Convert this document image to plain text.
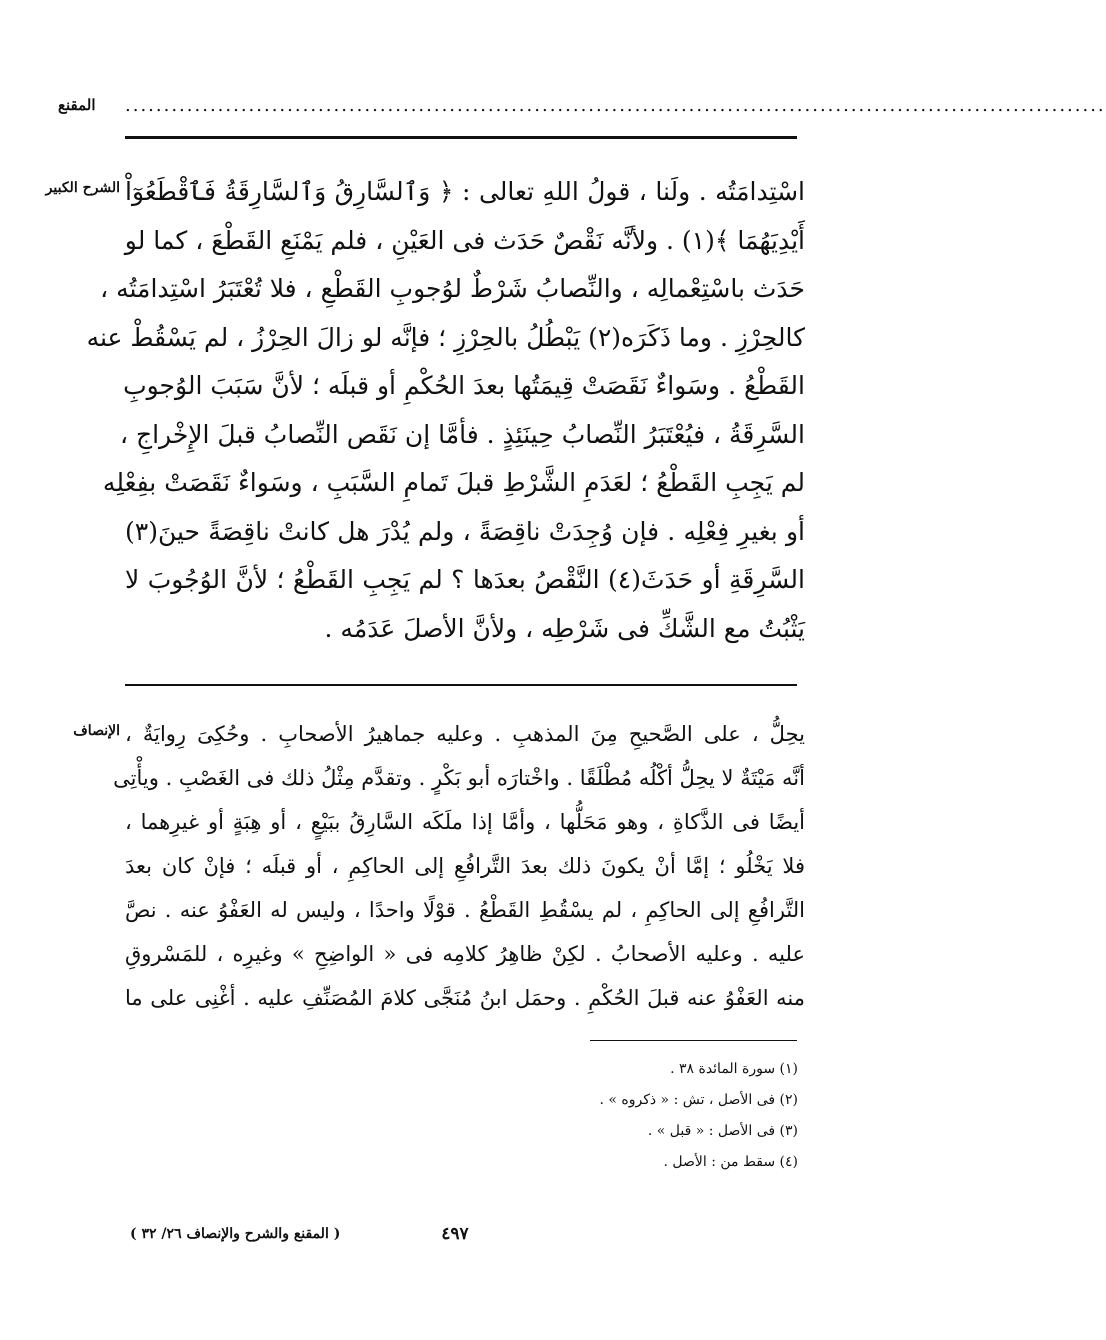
المقنع	...............................................................................................................................
الشرح الكبير اسْتِدامَتُه . ولَنا ، قولُ اللهِ تعالى : ﴿ وَٱلسَّارِقُ وَٱلسَّارِقَةُ فَٱقْطَعُوٓاْ
أَيْدِيَهُمَا ﴾(١) . ولأنَّه نَقْصٌ حَدَث فى العَيْنِ ، فلم يَمْنَعِ القَطْعَ ، كما لو
حَدَث باسْتِعْمالِه ، والنِّصابُ شَرْطٌ لوُجوبِ القَطْعِ ، فلا تُعْتَبَرُ اسْتِدامَتُه ،
كالحِرْزِ . وما ذَكَرَه(٢) يَبْطُلُ بالحِرْزِ ؛ فإنَّه لو زالَ الحِرْزُ ، لم يَسْقُطْ عنه
القَطْعُ . وسَواءٌ نَقَصَتْ قِيمَتُها بعدَ الحُكْمِ أو قبلَه ؛ لأنَّ سَبَبَ الوُجوبِ
السَّرِقَةُ ، فيُعْتَبَرُ النِّصابُ حِينَئِذٍ . فأمَّا إن نَقَص النِّصابُ قبلَ الإِخْراجِ ،
لم يَجِبِ القَطْعُ ؛ لعَدَمِ الشَّرْطِ قبلَ تَمامِ السَّبَبِ ، وسَواءٌ نَقَصَتْ بفِعْلِه
أو بغيرِ فِعْلِه . فإن وُجِدَتْ ناقِصَةً ، ولم يُدْرَ هل كانتْ ناقِصَةً حينَ(٣)
السَّرِقَةِ أو حَدَثَ(٤) النَّقْصُ بعدَها ؟ لم يَجِبِ القَطْعُ ؛ لأنَّ الوُجُوبَ لا
يَثْبُتُ مع الشَّكِّ فى شَرْطِه ، ولأنَّ الأصلَ عَدَمُه .
الإنصاف يحِلُّ ، على الصَّحيحِ مِنَ المذهبِ . وعليه جماهيرُ الأصحابِ . وحُكِىَ رِوايَةٌ ،
أنَّه مَيْتَةٌ لا يحِلُّ أكْلُه مُطْلَقًا . واخْتارَه أبو بَكْرٍ . وتقدَّم مِثْلُ ذلك فى الغَصْبِ . ويأْتِى
أيضًا فى الذَّكاةِ ، وهو مَحَلُّها ، وأمَّا إذا ملَكَه السَّارِقُ ببَيْعٍ ، أو هِبَةٍ أو غيرِهما ،
فلا يَخْلُو ؛ إمَّا أنْ يكونَ ذلك بعدَ التَّرافُعِ إلى الحاكِمِ ، أو قبلَه ؛ فإنْ كان بعدَ
التَّرافُعِ إلى الحاكِمِ ، لم يسْقُطِ القَطْعُ . قوْلًا واحدًا ، وليس له العَفْوُ عنه . نصَّ
عليه . وعليه الأصحابُ . لكِنْ ظاهِرُ كلامِه فى « الواضِحِ » وغيرِه ، للمَسْروقِ
منه العَفْوُ عنه قبلَ الحُكْمِ . وحمَل ابنُ مُنَجَّى كلامَ المُصَنِّفِ عليه . أغْنِى على ما
(١) سورة المائدة ٣٨ .
(٢) فى الأصل ، تش : « ذكروه » .
(٣) فى الأصل : « قبل » .
(٤) سقط من : الأصل .
٤٩٧
( المقنع والشرح والإنصاف ٢٦/ ٣٢ )
